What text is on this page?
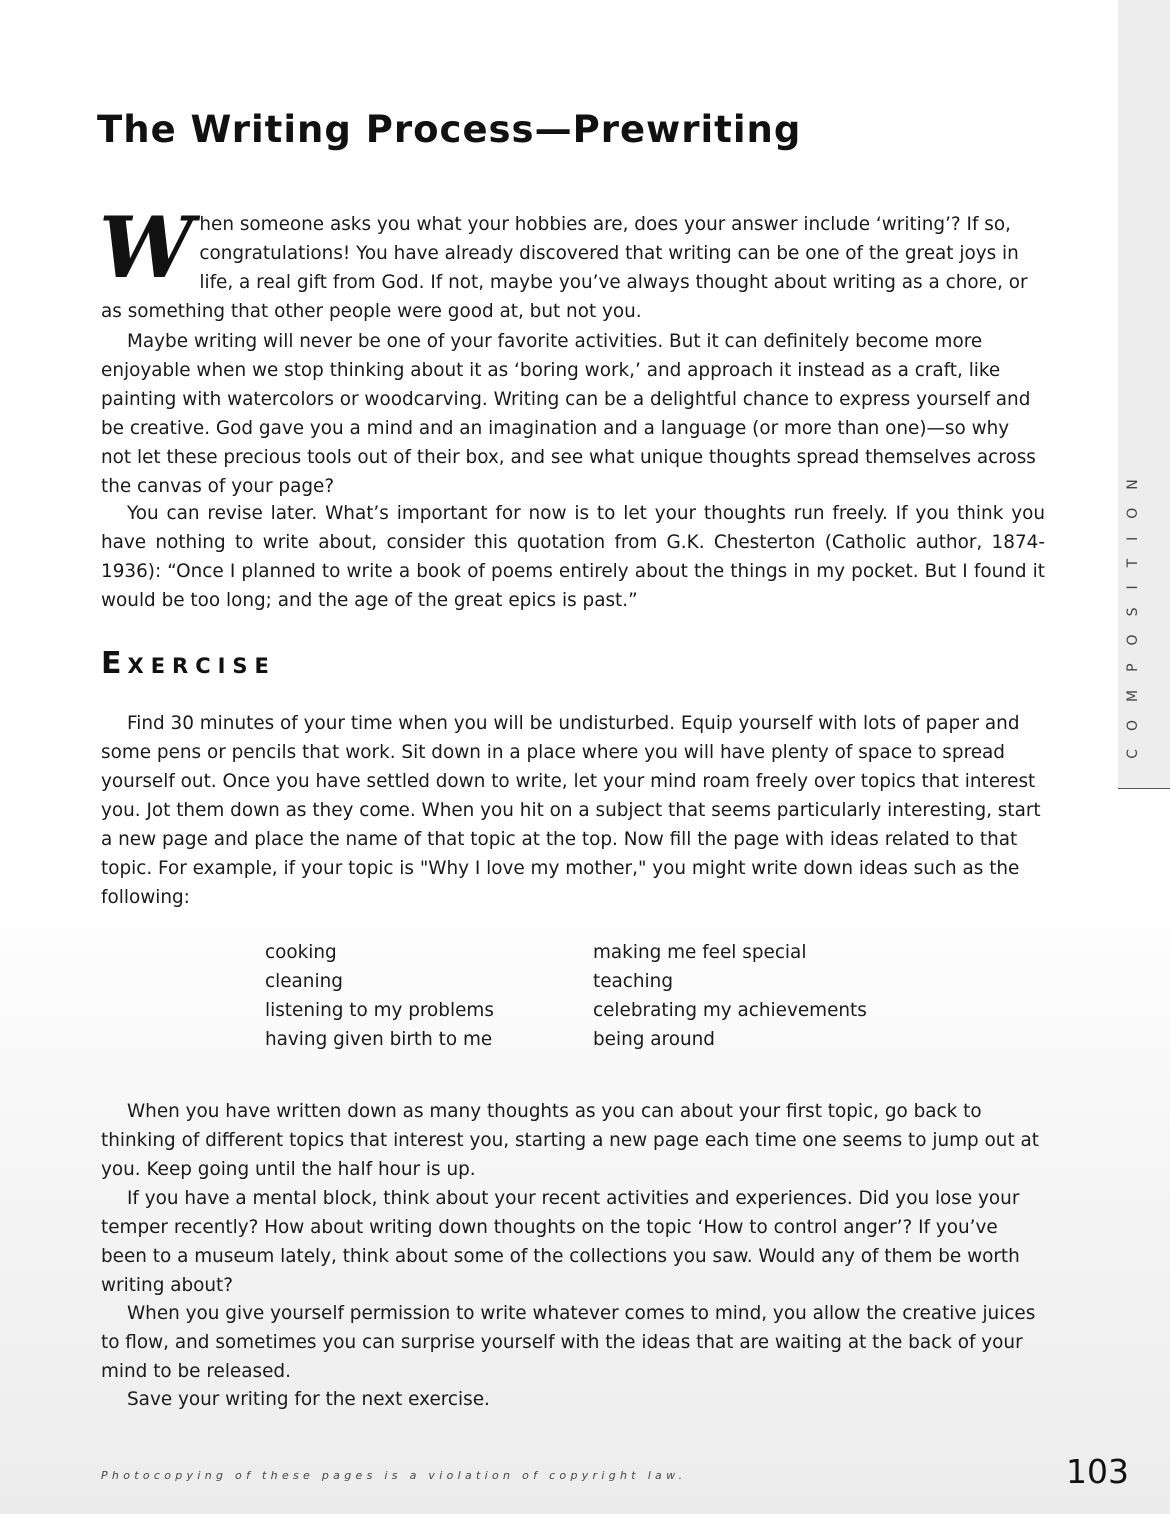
COMPOSITION
The Writing Process—Prewriting

When someone asks you what your hobbies are, does your answer include ‘writing’? If so, congratulations! You have already discovered that writing can be one of the great joys in life, a real gift from God. If not, maybe you’ve always thought about writing as a chore, or as something that other people were good at, but not you.

Maybe writing will never be one of your favorite activities. But it can definitely become more enjoyable when we stop thinking about it as ‘boring work,’ and approach it instead as a craft, like painting with watercolors or woodcarving. Writing can be a delightful chance to express yourself and be creative. God gave you a mind and an imagination and a language (or more than one)—so why not let these precious tools out of their box, and see what unique thoughts spread themselves across the canvas of your page?

You can revise later. What’s important for now is to let your thoughts run freely. If you think you have nothing to write about, consider this quotation from G.K. Chesterton (Catholic author, 1874-1936): “Once I planned to write a book of poems entirely about the things in my pocket. But I found it would be too long; and the age of the great epics is past.”

EXERCISE

Find 30 minutes of your time when you will be undisturbed. Equip yourself with lots of paper and some pens or pencils that work. Sit down in a place where you will have plenty of space to spread yourself out. Once you have settled down to write, let your mind roam freely over topics that interest you. Jot them down as they come. When you hit on a subject that seems particularly interesting, start a new page and place the name of that topic at the top. Now fill the page with ideas related to that topic. For example, if your topic is "Why I love my mother," you might write down ideas such as the following:

cooking
cleaning
listening to my problems
having given birth to me
making me feel special
teaching
celebrating my achievements
being around

When you have written down as many thoughts as you can about your first topic, go back to thinking of different topics that interest you, starting a new page each time one seems to jump out at you. Keep going until the half hour is up.

If you have a mental block, think about your recent activities and experiences. Did you lose your temper recently? How about writing down thoughts on the topic ‘How to control anger’? If you’ve been to a museum lately, think about some of the collections you saw. Would any of them be worth writing about?

When you give yourself permission to write whatever comes to mind, you allow the creative juices to flow, and sometimes you can surprise yourself with the ideas that are waiting at the back of your mind to be released.

Save your writing for the next exercise.

Photocopying of these pages is a violation of copyright law.	103
